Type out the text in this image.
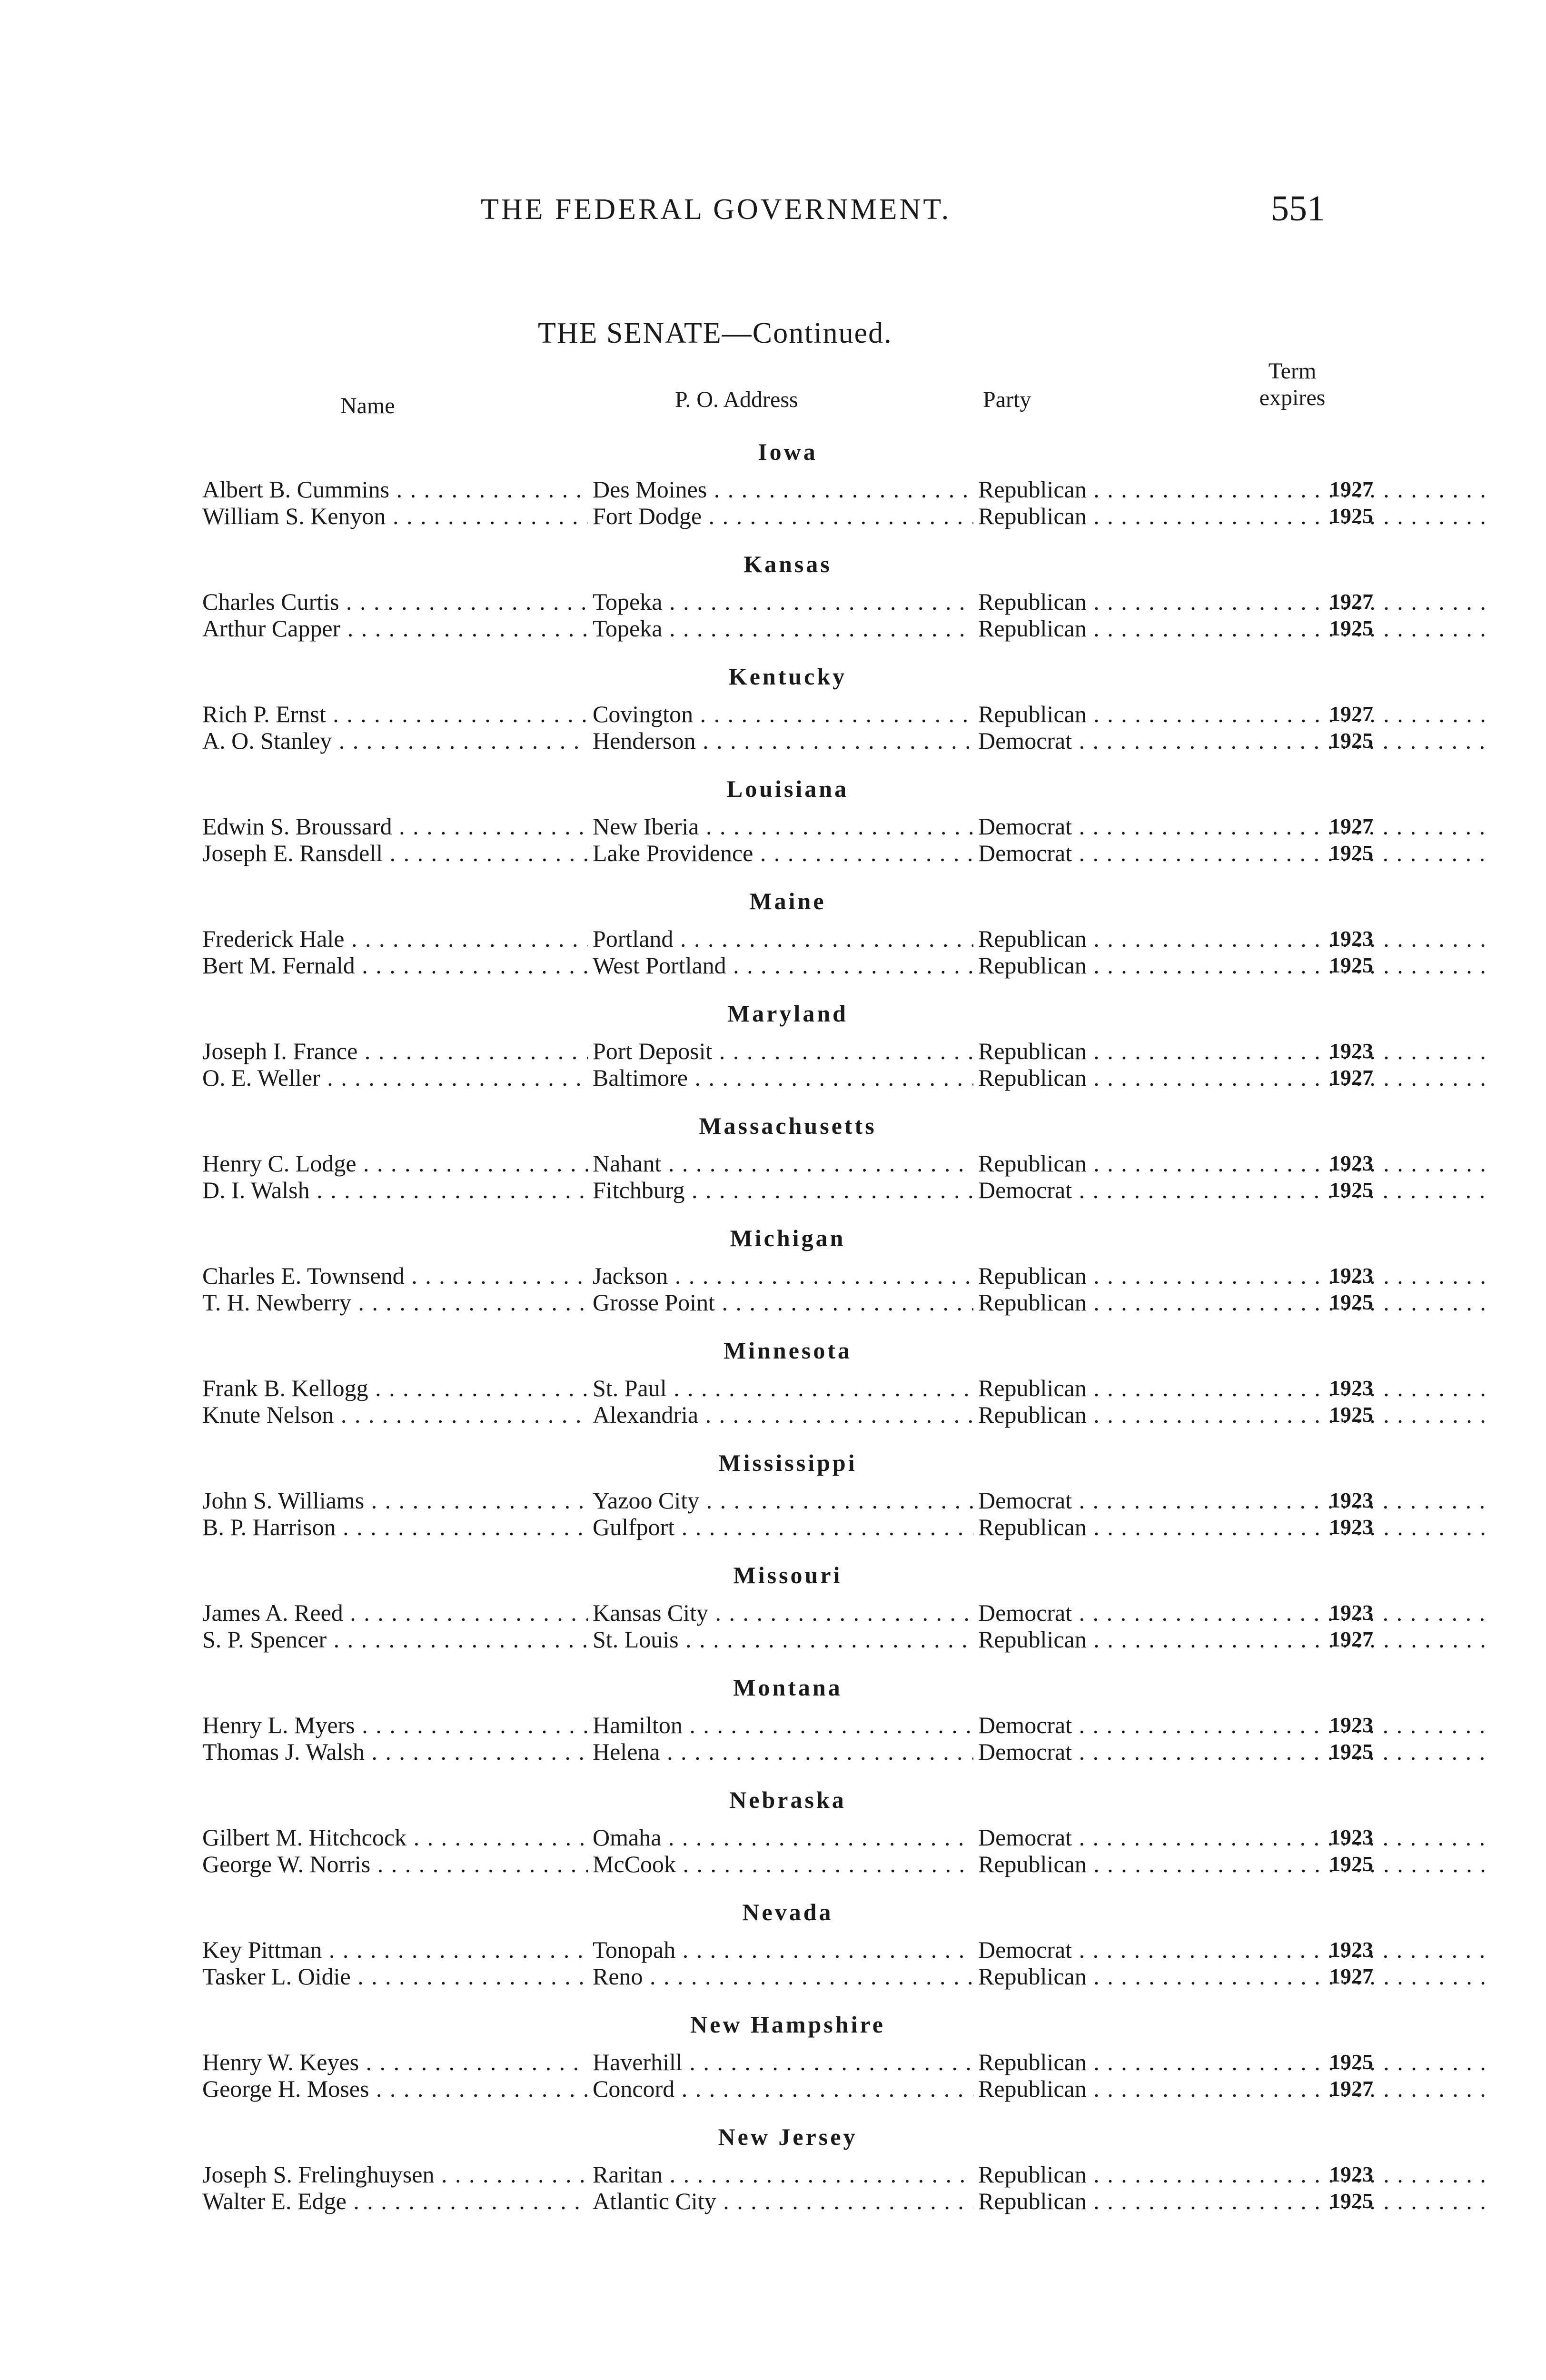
THE FEDERAL GOVERNMENT.	551
THE SENATE—Continued.
Name	P. O. Address	Party
Term
expires
Iowa
Albert B. Cummins . . .	Des Moines . . .	Republican . . .	1927
William S. Kenyon . . .	Fort Dodge . . .	Republican . . .	1925
Kansas
Charles Curtis . . .	Topeka . . .	Republican . . .	1927
Arthur Capper . . .	Topeka . . .	Republican . . .	1925
Kentucky
Rich P. Ernst . . .	Covington . . .	Republican . . .	1927
A. O. Stanley . . .	Henderson . . .	Democrat . . .	1925
Louisiana
Edwin S. Broussard . . .	New Iberia . . .	Democrat . . .	1927
Joseph E. Ransdell . . .	Lake Providence . . .	Democrat . . .	1925
Maine
Frederick Hale . . .	Portland . . .	Republican . . .	1923
Bert M. Fernald . . .	West Portland . . .	Republican . . .	1925
Maryland
Joseph I. France . . .	Port Deposit . . .	Republican . . .	1923
O. E. Weller . . .	Baltimore . . .	Republican . . .	1927
Massachusetts
Henry C. Lodge . . .	Nahant . . .	Republican . . .	1923
D. I. Walsh . . .	Fitchburg . . .	Democrat . . .	1925
Michigan
Charles E. Townsend . . .	Jackson . . .	Republican . . .	1923
T. H. Newberry . . .	Grosse Point . . .	Republican . . .	1925
Minnesota
Frank B. Kellogg . . .	St. Paul . . .	Republican . . .	1923
Knute Nelson . . .	Alexandria . . .	Republican . . .	1925
Mississippi
John S. Williams . . .	Yazoo City . . .	Democrat . . .	1923
B. P. Harrison . . .	Gulfport . . .	Republican . . .	1923
Missouri
James A. Reed . . .	Kansas City . . .	Democrat . . .	1923
S. P. Spencer . . .	St. Louis . . .	Republican . . .	1927
Montana
Henry L. Myers . . .	Hamilton . . .	Democrat . . .	1923
Thomas J. Walsh . . .	Helena . . .	Democrat . . .	1925
Nebraska
Gilbert M. Hitchcock . . .	Omaha . . .	Democrat . . .	1923
George W. Norris . . .	McCook . . .	Republican . . .	1925
Nevada
Key Pittman . . .	Tonopah . . .	Democrat . . .	1923
Tasker L. Oidie . . .	Reno . . .	Republican . . .	1927
New Hampshire
Henry W. Keyes . . .	Haverhill . . .	Republican . . .	1925
George H. Moses . . .	Concord . . .	Republican . . .	1927
New Jersey
Joseph S. Frelinghuysen . . .	Raritan . . .	Republican . . .	1923
Walter E. Edge . . .	Atlantic City . . .	Republican . . .	1925
